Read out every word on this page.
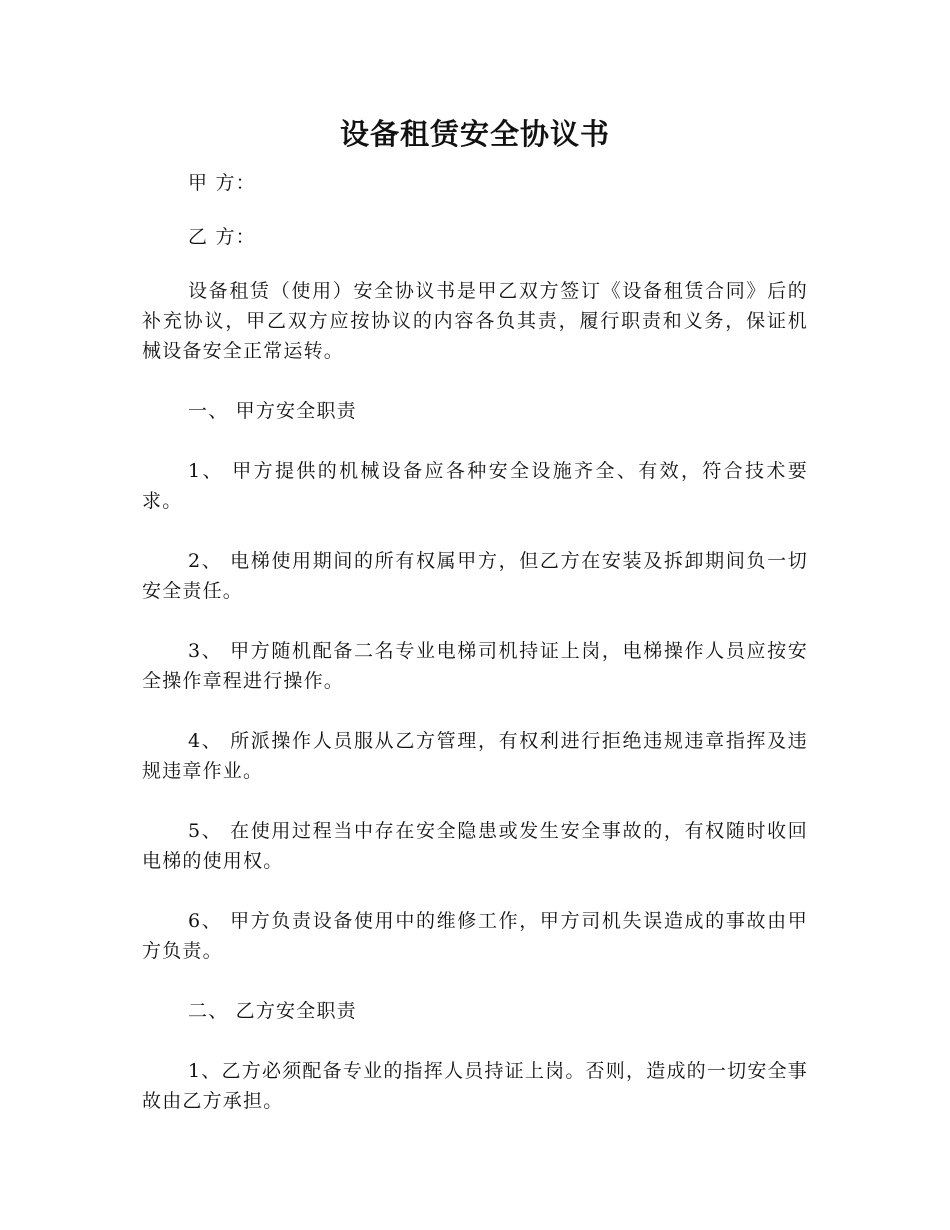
设备租赁安全协议书
甲 方：
乙 方：

设备租赁（使用）安全协议书是甲乙双方签订《设备租赁合同》后的补充协议，甲乙双方应按协议的内容各负其责，履行职责和义务，保证机械设备安全正常运转。

一、 甲方安全职责

1、 甲方提供的机械设备应各种安全设施齐全、有效，符合技术要求。

2、 电梯使用期间的所有权属甲方，但乙方在安装及拆卸期间负一切安全责任。

3、 甲方随机配备二名专业电梯司机持证上岗，电梯操作人员应按安全操作章程进行操作。

4、 所派操作人员服从乙方管理，有权利进行拒绝违规违章指挥及违规违章作业。

5、 在使用过程当中存在安全隐患或发生安全事故的，有权随时收回电梯的使用权。

6、 甲方负责设备使用中的维修工作，甲方司机失误造成的事故由甲方负责。

二、 乙方安全职责

1、乙方必须配备专业的指挥人员持证上岗。否则，造成的一切安全事故由乙方承担。
